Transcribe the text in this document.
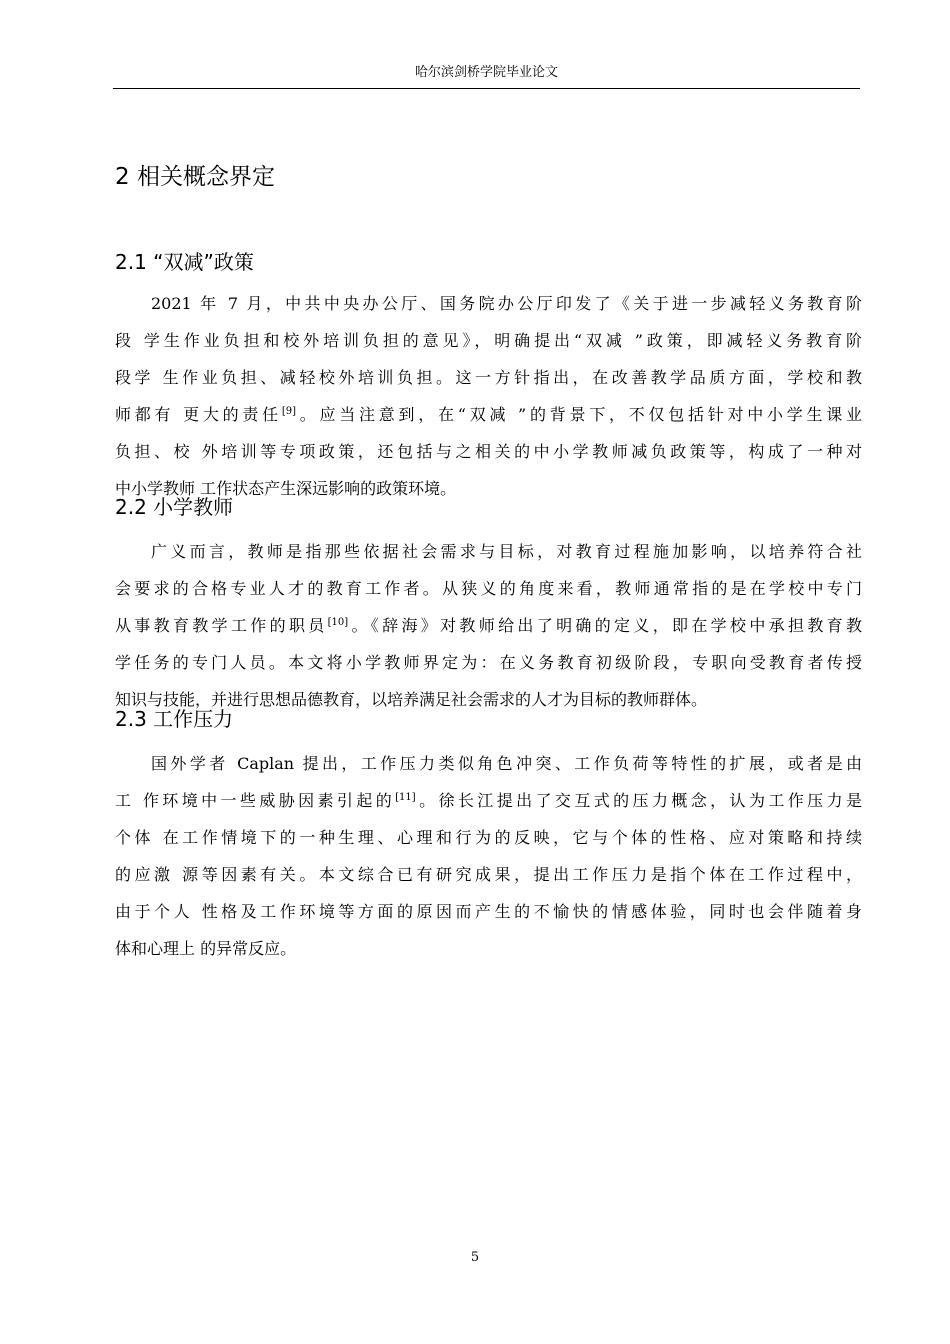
哈尔滨剑桥学院毕业论文
2 相关概念界定
2.1 “双减”政策
2021 年 7 月，中共中央办公厅、国务院办公厅印发了《关于进一步减轻义务教育阶
段 学生作业负担和校外培训负担的意见》，明确提出“双减 ”政策，即减轻义务教育阶
段学 生作业负担、减轻校外培训负担。这一方针指出，在改善教学品质方面，学校和教
师都有 更大的责任[9]。应当注意到，在“双减 ”的背景下，不仅包括针对中小学生课业
负担、校 外培训等专项政策，还包括与之相关的中小学教师减负政策等，构成了一种对
中小学教师 工作状态产生深远影响的政策环境。
2.2 小学教师
广义而言，教师是指那些依据社会需求与目标，对教育过程施加影响，以培养符合社
会要求的合格专业人才的教育工作者。从狭义的角度来看，教师通常指的是在学校中专门
从事教育教学工作的职员[10]。《辞海》对教师给出了明确的定义，即在学校中承担教育教
学任务的专门人员。本文将小学教师界定为：在义务教育初级阶段，专职向受教育者传授
知识与技能，并进行思想品德教育，以培养满足社会需求的人才为目标的教师群体。
2.3 工作压力
国外学者 Caplan 提出，工作压力类似角色冲突、工作负荷等特性的扩展，或者是由
工 作环境中一些威胁因素引起的[11]。徐长江提出了交互式的压力概念，认为工作压力是
个体 在工作情境下的一种生理、心理和行为的反映，它与个体的性格、应对策略和持续
的应激 源等因素有关。本文综合已有研究成果，提出工作压力是指个体在工作过程中，
由于个人 性格及工作环境等方面的原因而产生的不愉快的情感体验，同时也会伴随着身
体和心理上 的异常反应。
5
